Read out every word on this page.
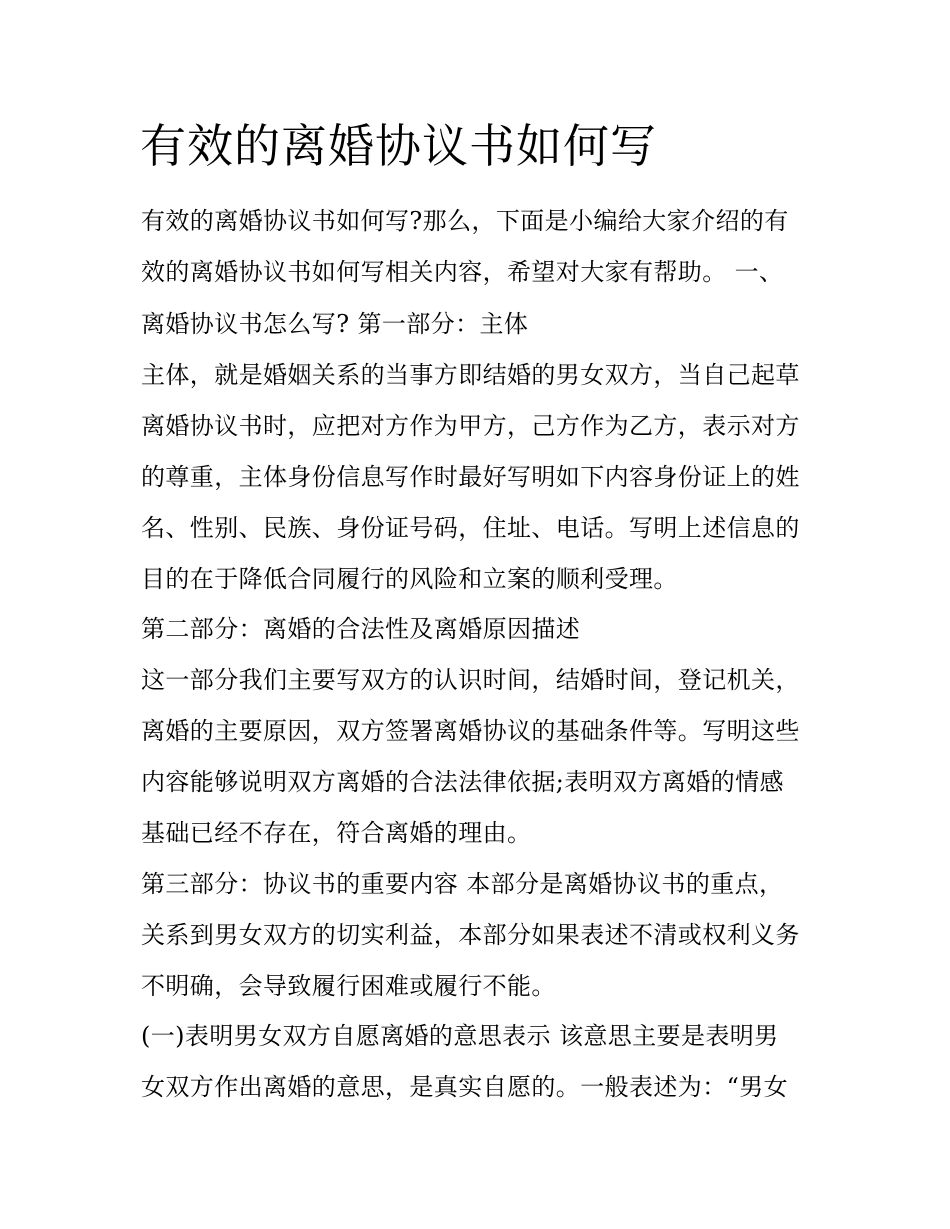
有效的离婚协议书如何写
有效的离婚协议书如何写?那么，下面是小编给大家介绍的有
效的离婚协议书如何写相关内容，希望对大家有帮助。 一、
离婚协议书怎么写? 第一部分：主体
主体，就是婚姻关系的当事方即结婚的男女双方，当自己起草
离婚协议书时，应把对方作为甲方，己方作为乙方，表示对方
的尊重，主体身份信息写作时最好写明如下内容身份证上的姓
名、性别、民族、身份证号码，住址、电话。写明上述信息的
目的在于降低合同履行的风险和立案的顺利受理。
第二部分：离婚的合法性及离婚原因描述
这一部分我们主要写双方的认识时间，结婚时间，登记机关，
离婚的主要原因，双方签署离婚协议的基础条件等。写明这些
内容能够说明双方离婚的合法法律依据;表明双方离婚的情感
基础已经不存在，符合离婚的理由。
第三部分：协议书的重要内容 本部分是离婚协议书的重点，
关系到男女双方的切实利益，本部分如果表述不清或权利义务
不明确，会导致履行困难或履行不能。
(一)表明男女双方自愿离婚的意思表示 该意思主要是表明男
女双方作出离婚的意思，是真实自愿的。一般表述为：“男女
